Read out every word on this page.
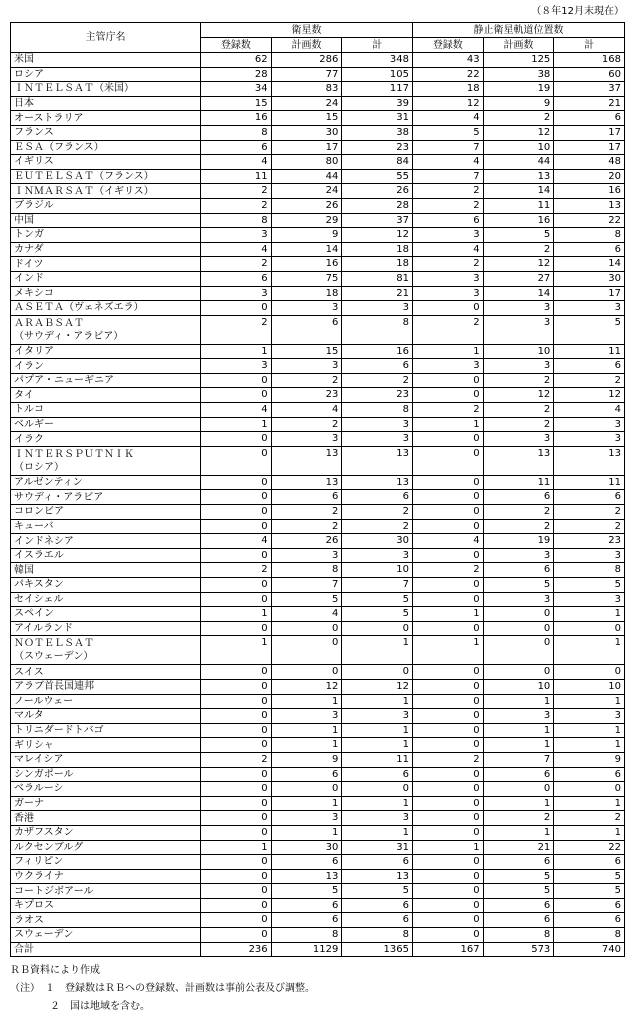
（８年12月末現在）
主管庁名	衛星数			静止衛星軌道位置数		
	登録数	計画数	計	登録数	計画数	計
米国	62	286	348	43	125	168
ロシア	28	77	105	22	38	60
ＩＮＴＥＬＳＡＴ（米国）	34	83	117	18	19	37
日本	15	24	39	12	9	21
オーストラリア	16	15	31	4	2	6
フランス	8	30	38	5	12	17
ＥＳＡ（フランス）	6	17	23	7	10	17
イギリス	4	80	84	4	44	48
ＥＵＴＥＬＳＡＴ（フランス）	11	44	55	7	13	20
ＩＮＭＡＲＳＡＴ（イギリス）	2	24	26	2	14	16
ブラジル	2	26	28	2	11	13
中国	8	29	37	6	16	22
トンガ	3	9	12	3	5	8
カナダ	4	14	18	4	2	6
ドイツ	2	16	18	2	12	14
インド	6	75	81	3	27	30
メキシコ	3	18	21	3	14	17
ＡＳＥＴＡ（ヴェネズエラ）	0	3	3	0	3	3
ＡＲＡＢＳＡＴ
（サウディ・アラビア）	2	6	8	2	3	5
イタリア	1	15	16	1	10	11
イラン	3	3	6	3	3	6
パプア・ニューギニア	0	2	2	0	2	2
タイ	0	23	23	0	12	12
トルコ	4	4	8	2	2	4
ベルギー	1	2	3	1	2	3
イラク	0	3	3	0	3	3
ＩＮＴＥＲＳＰＵＴＮＩＫ
（ロシア）	0	13	13	0	13	13
アルゼンティン	0	13	13	0	11	11
サウディ・アラビア	0	6	6	0	6	6
コロンビア	0	2	2	0	2	2
キューバ	0	2	2	0	2	2
インドネシア	4	26	30	4	19	23
イスラエル	0	3	3	0	3	3
韓国	2	8	10	2	6	8
パキスタン	0	7	7	0	5	5
セイシェル	0	5	5	0	3	3
スペイン	1	4	5	1	0	1
アイルランド	0	0	0	0	0	0
ＮＯＴＥＬＳＡＴ
（スウェーデン）	1	0	1	1	0	1
スイス	0	0	0	0	0	0
アラブ首長国連邦	0	12	12	0	10	10
ノールウェー	0	1	1	0	1	1
マルタ	0	3	3	0	3	3
トリニダードトバゴ	0	1	1	0	1	1
ギリシャ	0	1	1	0	1	1
マレイシア	2	9	11	2	7	9
シンガポール	0	6	6	0	6	6
ベラルーシ	0	0	0	0	0	0
ガーナ	0	1	1	0	1	1
香港	0	3	3	0	2	2
カザフスタン	0	1	1	0	1	1
ルクセンブルグ	1	30	31	1	21	22
フィリピン	0	6	6	0	6	6
ウクライナ	0	13	13	0	5	5
コートジボアール	0	5	5	0	5	5
キプロス	0	6	6	0	6	6
ラオス	0	6	6	0	6	6
スウェーデン	0	8	8	0	8	8
合計	236	1129	1365	167	573	740
ＲＢ資料により作成
（注）　１　登録数はＲＢへの登録数、計画数は事前公表及び調整。
　　　　２　国は地域を含む。
